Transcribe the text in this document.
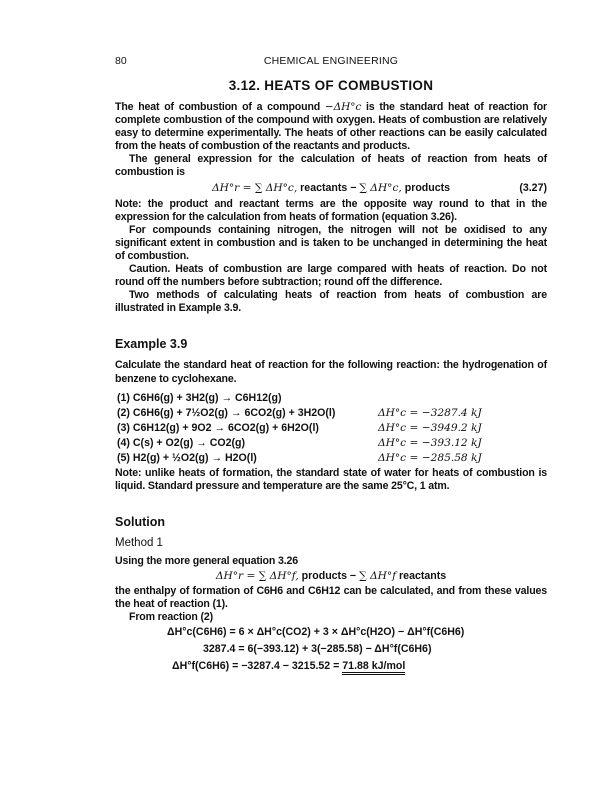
80	CHEMICAL ENGINEERING
3.12. HEATS OF COMBUSTION

The heat of combustion of a compound −ΔH°c is the standard heat of reaction for complete combustion of the compound with oxygen. Heats of combustion are relatively easy to determine experimentally. The heats of other reactions can be easily calculated from the heats of combustion of the reactants and products.

The general expression for the calculation of heats of reaction from heats of combustion is

ΔH°r = ∑ ΔH°c, reactants − ∑ ΔH°c, products	(3.27)

Note: the product and reactant terms are the opposite way round to that in the expression for the calculation from heats of formation (equation 3.26).

For compounds containing nitrogen, the nitrogen will not be oxidised to any significant extent in combustion and is taken to be unchanged in determining the heat of combustion.

Caution. Heats of combustion are large compared with heats of reaction. Do not round off the numbers before subtraction; round off the difference.

Two methods of calculating heats of reaction from heats of combustion are illustrated in Example 3.9.

Example 3.9

Calculate the standard heat of reaction for the following reaction: the hydrogenation of benzene to cyclohexane.

(1) C6H6(g) + 3H2(g) → C6H12(g)
(2) C6H6(g) + 7½O2(g) → 6CO2(g) + 3H2O(l)	ΔH°c = −3287.4 kJ
(3) C6H12(g) + 9O2 → 6CO2(g) + 6H2O(l)	ΔH°c = −3949.2 kJ
(4) C(s) + O2(g) → CO2(g)	ΔH°c = −393.12 kJ
(5) H2(g) + ½O2(g) → H2O(l)	ΔH°c = −285.58 kJ

Note: unlike heats of formation, the standard state of water for heats of combustion is liquid. Standard pressure and temperature are the same 25°C, 1 atm.

Solution
Method 1

Using the more general equation 3.26

ΔH°r = ∑ ΔH°f, products − ∑ ΔH°f reactants

the enthalpy of formation of C6H6 and C6H12 can be calculated, and from these values the heat of reaction (1).

From reaction (2)

ΔH°c(C6H6) = 6 × ΔH°c(CO2) + 3 × ΔH°c(H2O) − ΔH°f(C6H6)
3287.4 = 6(−393.12) + 3(−285.58) − ΔH°f(C6H6)
ΔH°f(C6H6) = −3287.4 − 3215.52 = 71.88 kJ/mol
